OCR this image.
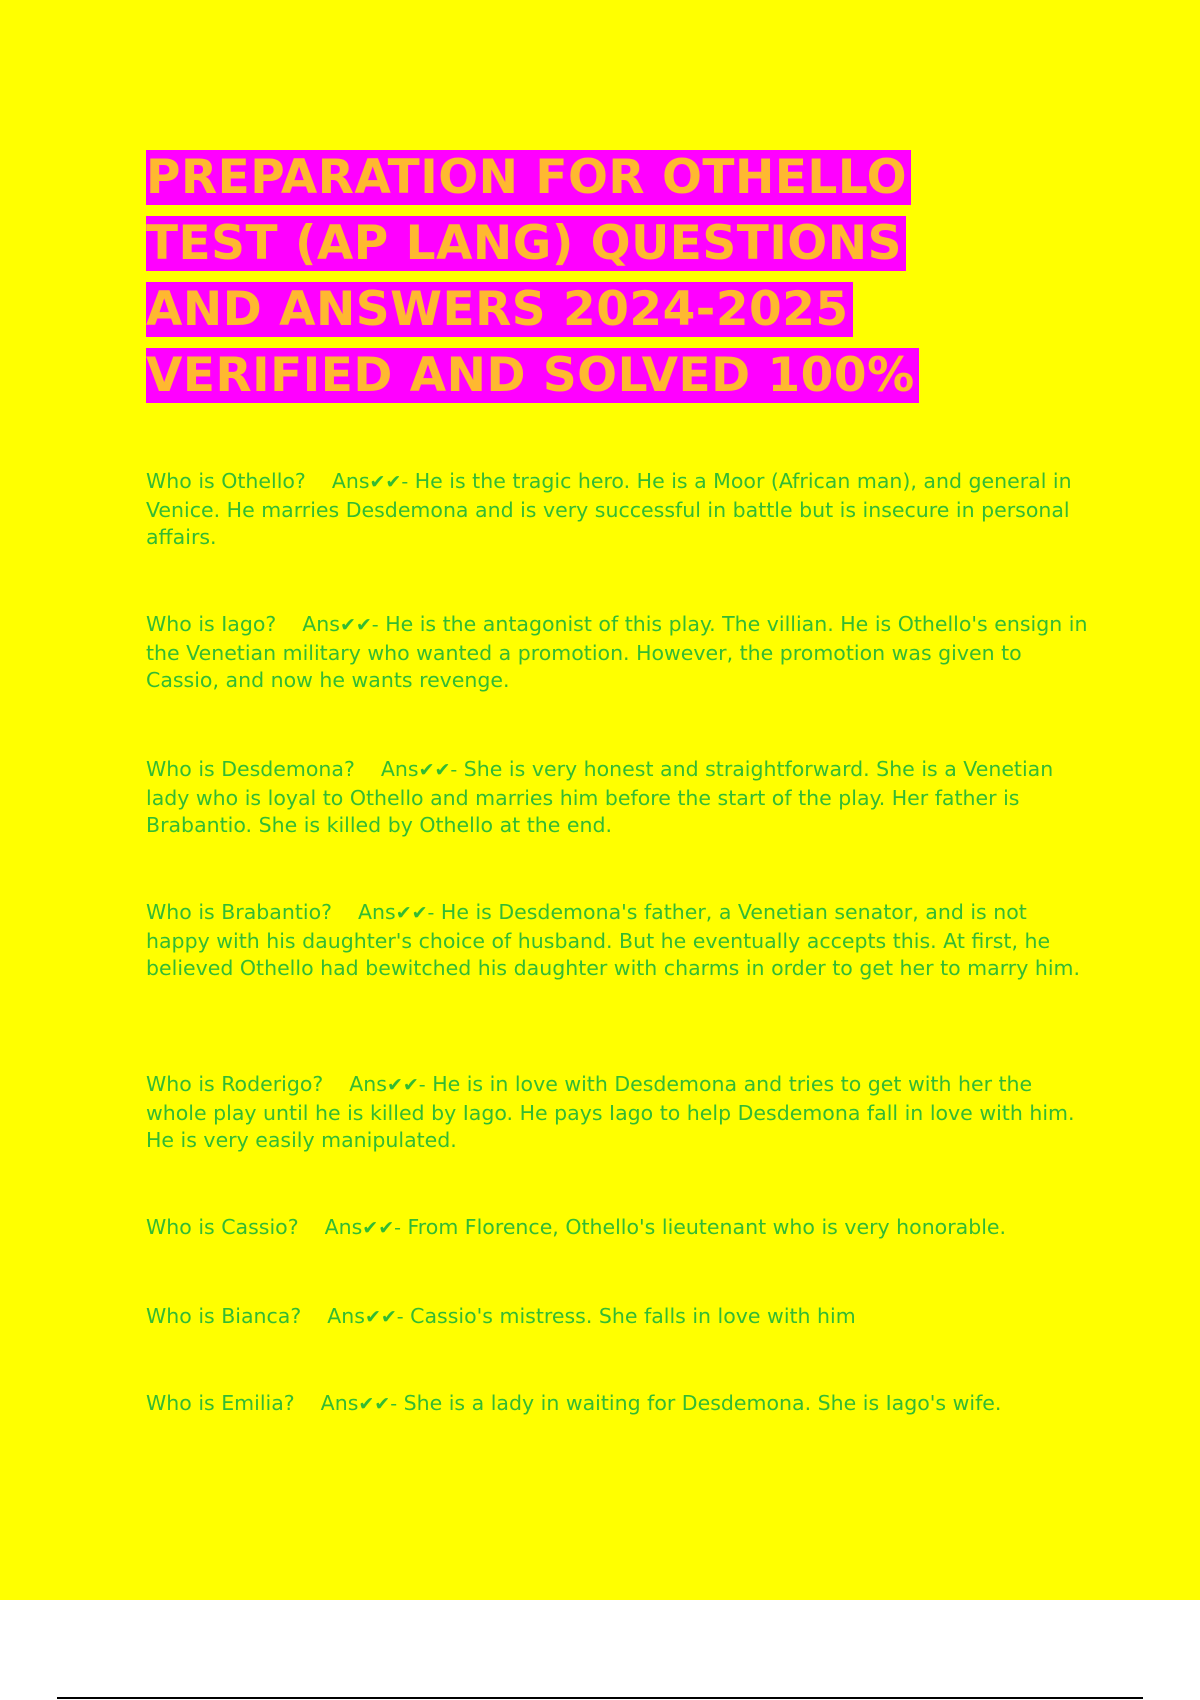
PREPARATION FOR OTHELLO
TEST (AP LANG) QUESTIONS
AND ANSWERS 2024-2025
VERIFIED AND SOLVED 100%

Who is Othello? Ans✔✔- He is the tragic hero. He is a Moor (African man), and general in Venice. He marries Desdemona and is very successful in battle but is insecure in personal affairs.

Who is Iago? Ans✔✔- He is the antagonist of this play. The villian. He is Othello's ensign in the Venetian military who wanted a promotion. However, the promotion was given to Cassio, and now he wants revenge.

Who is Desdemona? Ans✔✔- She is very honest and straightforward. She is a Venetian lady who is loyal to Othello and marries him before the start of the play. Her father is Brabantio. She is killed by Othello at the end.

Who is Brabantio? Ans✔✔- He is Desdemona's father, a Venetian senator, and is not happy with his daughter's choice of husband. But he eventually accepts this. At first, he believed Othello had bewitched his daughter with charms in order to get her to marry him.

Who is Roderigo? Ans✔✔- He is in love with Desdemona and tries to get with her the whole play until he is killed by Iago. He pays Iago to help Desdemona fall in love with him. He is very easily manipulated.

Who is Cassio? Ans✔✔- From Florence, Othello's lieutenant who is very honorable.

Who is Bianca? Ans✔✔- Cassio's mistress. She falls in love with him

Who is Emilia? Ans✔✔- She is a lady in waiting for Desdemona. She is Iago's wife.
